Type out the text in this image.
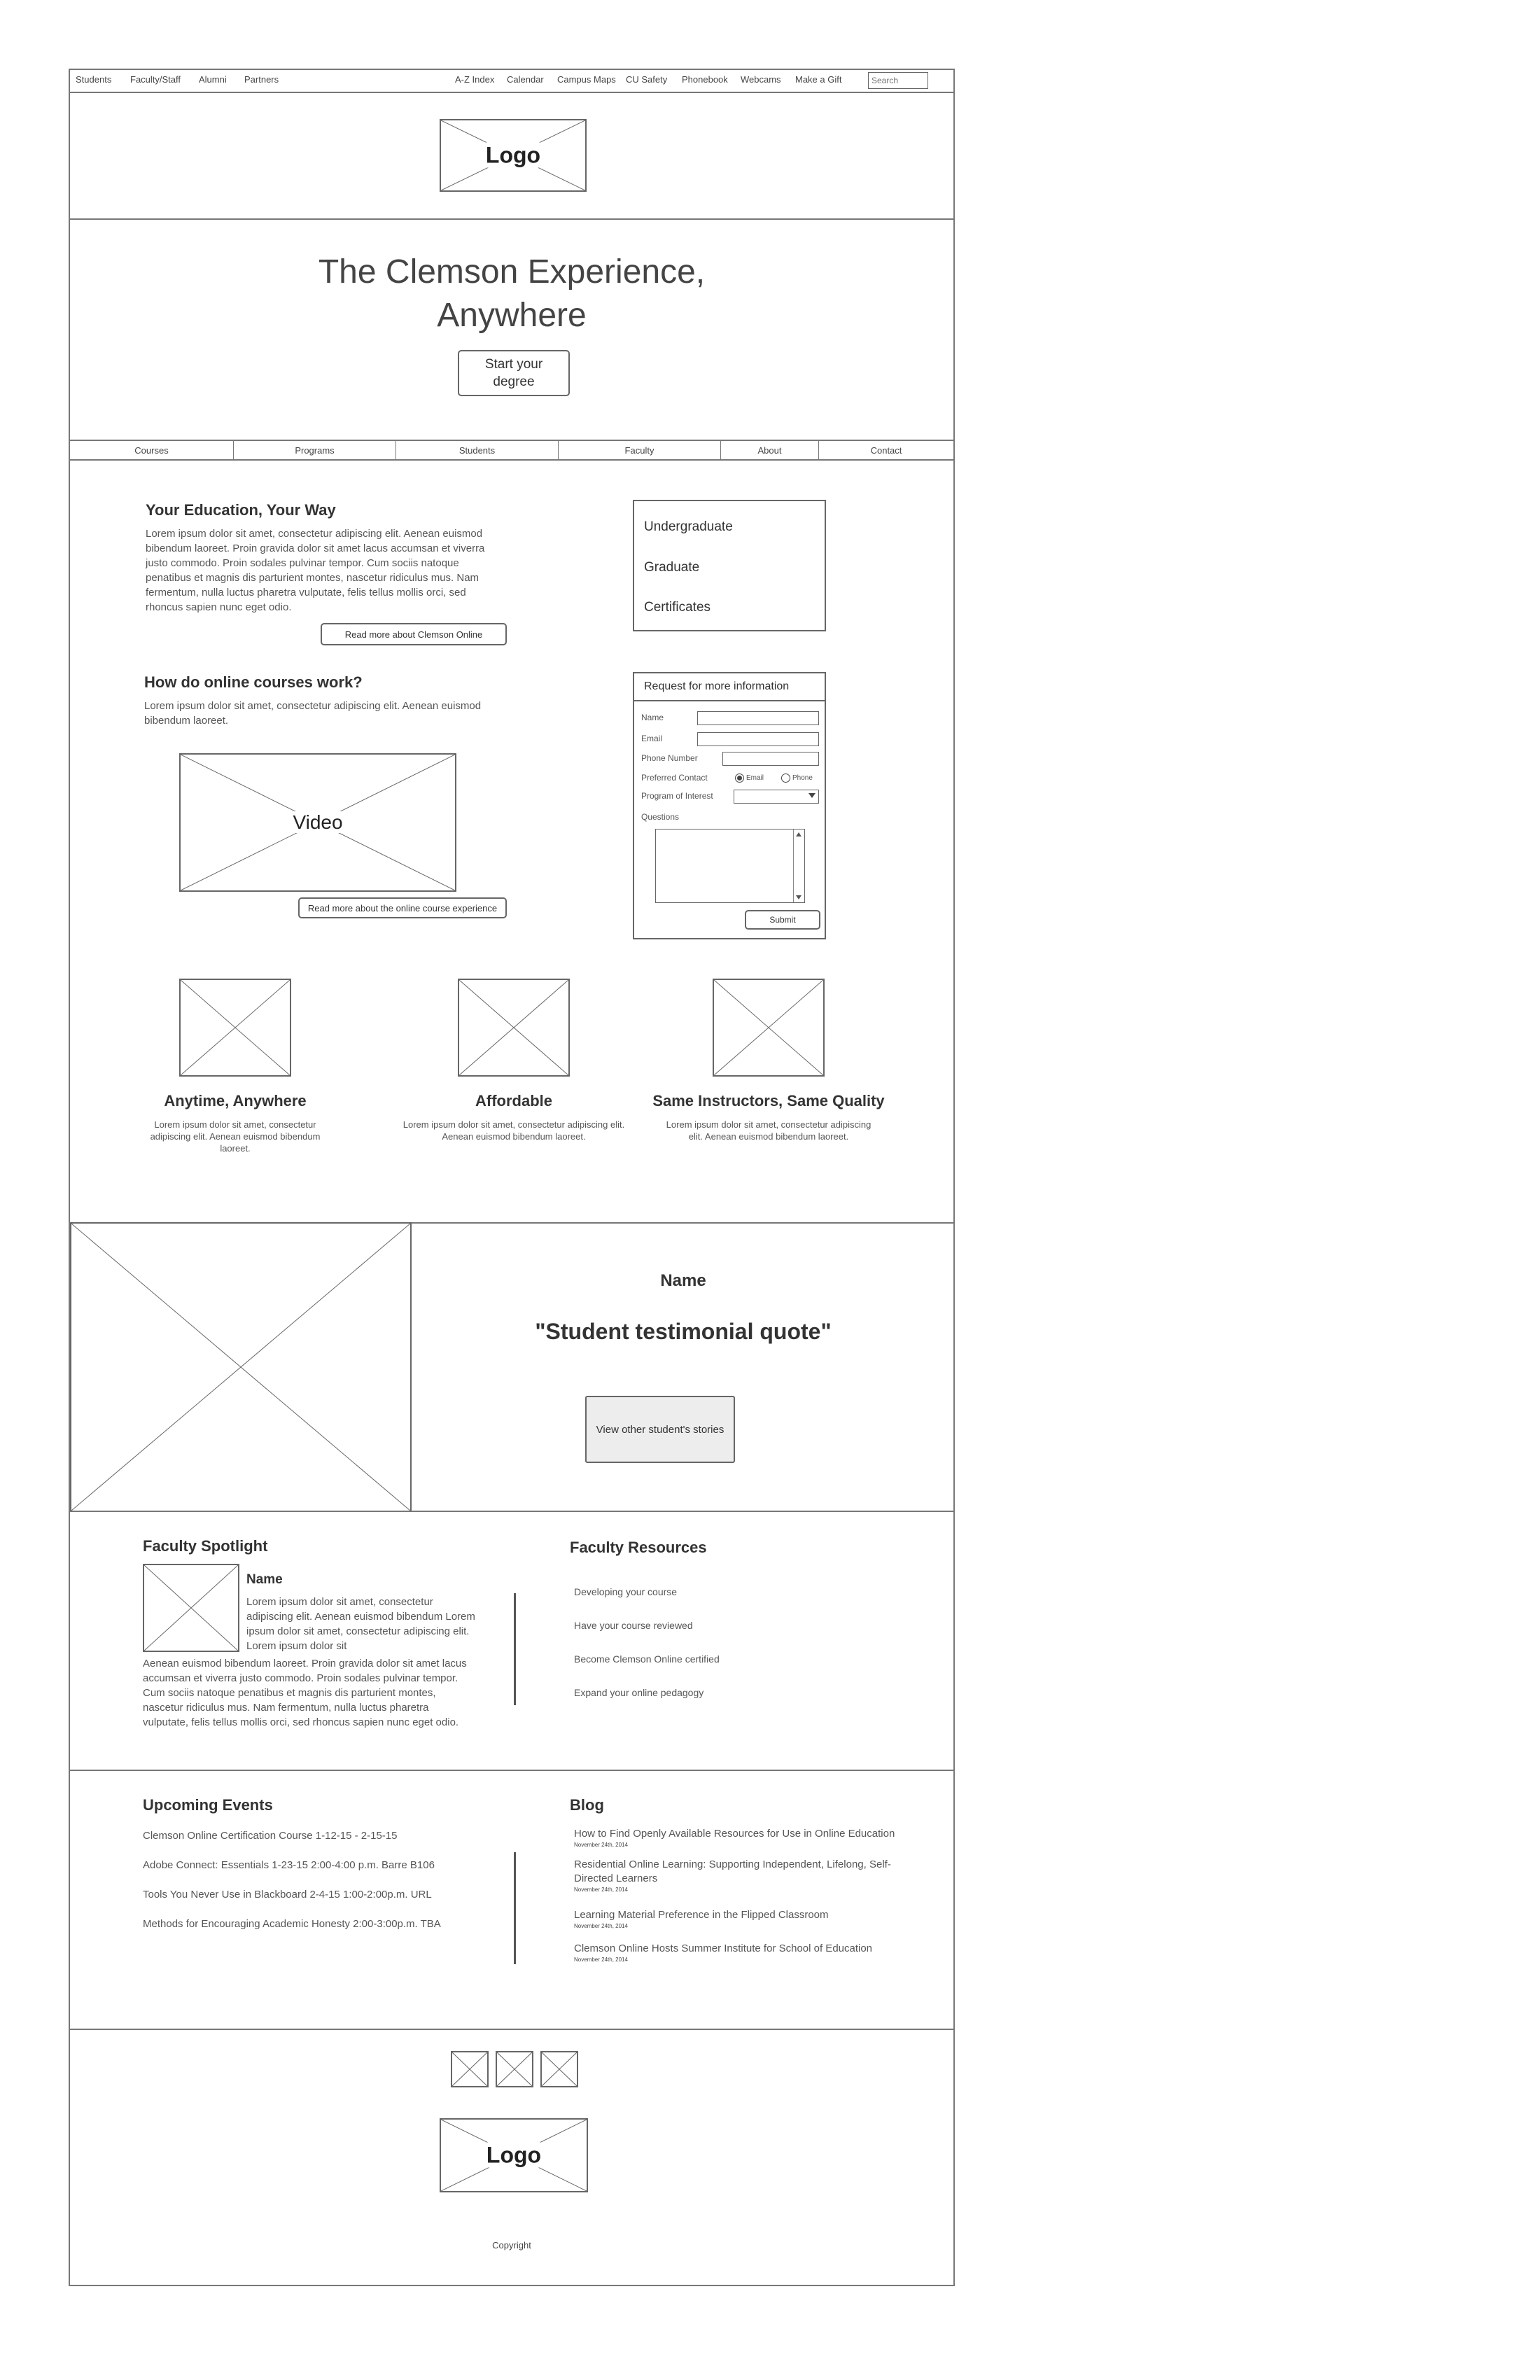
Students Faculty/Staff Alumni Partners	A-Z Index Calendar Campus Maps CU Safety Phonebook Webcams Make a Gift
Search
Logo
The Clemson Experience,
Anywhere
Start your
degree
Courses	Programs	Students	Faculty	About	Contact
Your Education, Your Way
Lorem ipsum dolor sit amet, consectetur adipiscing elit. Aenean euismod bibendum laoreet. Proin gravida dolor sit amet lacus accumsan et viverra justo commodo. Proin sodales pulvinar tempor. Cum sociis natoque penatibus et magnis dis parturient montes, nascetur ridiculus mus. Nam fermentum, nulla luctus pharetra vulputate, felis tellus mollis orci, sed rhoncus sapien nunc eget odio.
Read more about Clemson Online
Undergraduate
Graduate
Certificates
How do online courses work?
Lorem ipsum dolor sit amet, consectetur adipiscing elit. Aenean euismod bibendum laoreet.
Video
Read more about the online course experience
Request for more information
Name
Email
Phone Number
Preferred Contact	Email	Phone
Program of Interest
Questions
Submit
Anytime, Anywhere
Lorem ipsum dolor sit amet, consectetur adipiscing elit. Aenean euismod bibendum laoreet.
Affordable
Lorem ipsum dolor sit amet, consectetur adipiscing elit. Aenean euismod bibendum laoreet.
Same Instructors, Same Quality
Lorem ipsum dolor sit amet, consectetur adipiscing elit. Aenean euismod bibendum laoreet.
Name
"Student testimonial quote"
View other student's stories
Faculty Spotlight
Name
Lorem ipsum dolor sit amet, consectetur adipiscing elit. Aenean euismod bibendum Lorem ipsum dolor sit amet, consectetur adipiscing elit. Lorem ipsum dolor sit
Aenean euismod bibendum laoreet. Proin gravida dolor sit amet lacus accumsan et viverra justo commodo. Proin sodales pulvinar tempor. Cum sociis natoque penatibus et magnis dis parturient montes, nascetur ridiculus mus. Nam fermentum, nulla luctus pharetra vulputate, felis tellus mollis orci, sed rhoncus sapien nunc eget odio.
Faculty Resources
Developing your course
Have your course reviewed
Become Clemson Online certified
Expand your online pedagogy
Upcoming Events
Clemson Online Certification Course 1-12-15 - 2-15-15
Adobe Connect: Essentials 1-23-15 2:00-4:00 p.m. Barre B106
Tools You Never Use in Blackboard 2-4-15 1:00-2:00p.m. URL
Methods for Encouraging Academic Honesty 2:00-3:00p.m. TBA
Blog
How to Find Openly Available Resources for Use in Online Education
November 24th, 2014
Residential Online Learning: Supporting Independent, Lifelong, Self-Directed Learners
November 24th, 2014
Learning Material Preference in the Flipped Classroom
November 24th, 2014
Clemson Online Hosts Summer Institute for School of Education
November 24th, 2014
Logo
Copyright
